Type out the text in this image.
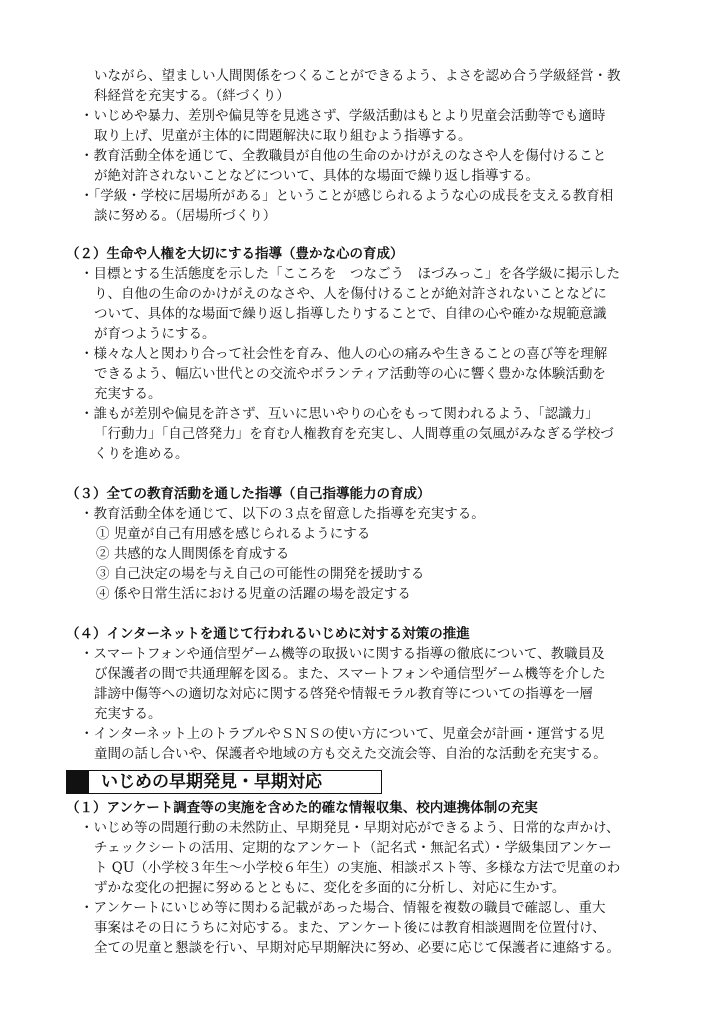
いながら、望ましい人間関係をつくることができるよう、よさを認め合う学級経営・教
科経営を充実する。（絆づくり）
・いじめや暴力、差別や偏見等を見逃さず、学級活動はもとより児童会活動等でも適時
取り上げ、児童が主体的に問題解決に取り組むよう指導する。
・教育活動全体を通じて、全教職員が自他の生命のかけがえのなさや人を傷付けること
が絶対許されないことなどについて、具体的な場面で繰り返し指導する。
・「学級・学校に居場所がある」ということが感じられるような心の成長を支える教育相
談に努める。（居場所づくり）
（２）生命や人権を大切にする指導（豊かな心の育成）
・目標とする生活態度を示した「こころを　つなごう　ほづみっこ」を各学級に掲示した
り、自他の生命のかけがえのなさや、人を傷付けることが絶対許されないことなどに
ついて、具体的な場面で繰り返し指導したりすることで、自律の心や確かな規範意識
が育つようにする。
・様々な人と関わり合って社会性を育み、他人の心の痛みや生きることの喜び等を理解
できるよう、幅広い世代との交流やボランティア活動等の心に響く豊かな体験活動を
充実する。
・誰もが差別や偏見を許さず、互いに思いやりの心をもって関われるよう、「認識力」
「行動力」「自己啓発力」を育む人権教育を充実し、人間尊重の気風がみなぎる学校づ
くりを進める。
（３）全ての教育活動を通した指導（自己指導能力の育成）
・教育活動全体を通じて、以下の３点を留意した指導を充実する。
① 児童が自己有用感を感じられるようにする
② 共感的な人間関係を育成する
③ 自己決定の場を与え自己の可能性の開発を援助する
④ 係や日常生活における児童の活躍の場を設定する
（４）インターネットを通じて行われるいじめに対する対策の推進
・スマートフォンや通信型ゲーム機等の取扱いに関する指導の徹底について、教職員及
び保護者の間で共通理解を図る。また、スマートフォンや通信型ゲーム機等を介した
誹謗中傷等への適切な対応に関する啓発や情報モラル教育等についての指導を一層
充実する。
・インターネット上のトラブルやＳＮＳの使い方について、児童会が計画・運営する児
童間の話し合いや、保護者や地域の方も交えた交流会等、自治的な活動を充実する。
いじめの早期発見・早期対応
（１）アンケート調査等の実施を含めた的確な情報収集、校内連携体制の充実
・いじめ等の問題行動の未然防止、早期発見・早期対応ができるよう、日常的な声かけ、
チェックシートの活用、定期的なアンケート（記名式・無記名式）・学級集団アンケー
ト QU（小学校３年生～小学校６年生）の実施、相談ポスト等、多様な方法で児童のわ
ずかな変化の把握に努めるとともに、変化を多面的に分析し、対応に生かす。
・アンケートにいじめ等に関わる記載があった場合、情報を複数の職員で確認し、重大
事案はその日にうちに対応する。また、アンケート後には教育相談週間を位置付け、
全ての児童と懇談を行い、早期対応早期解決に努め、必要に応じて保護者に連絡する。
